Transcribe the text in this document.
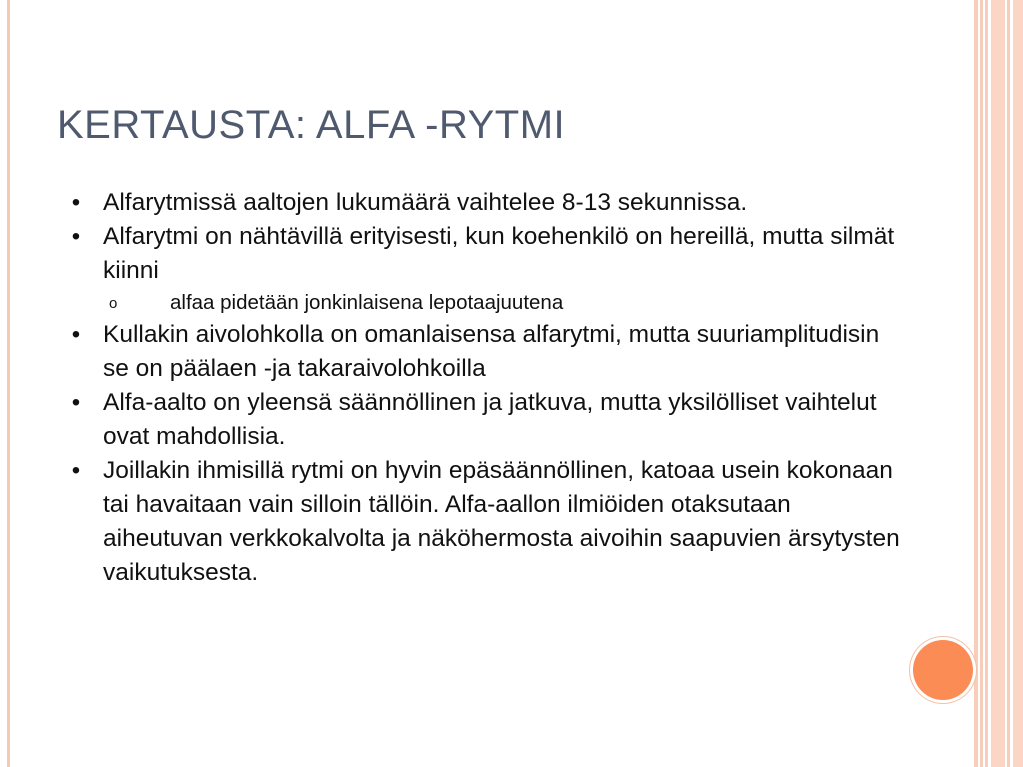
KERTAUSTA: ALFA -RYTMI
• Alfarytmissä aaltojen lukumäärä vaihtelee 8-13 sekunnissa.
• Alfarytmi on nähtävillä erityisesti, kun koehenkilö on hereillä, mutta silmät kiinni
o	alfaa pidetään jonkinlaisena lepotaajuutena
• Kullakin aivolohkolla on omanlaisensa alfarytmi, mutta suuriamplitudisin se on päälaen -ja takaraivolohkoilla
• Alfa-aalto on yleensä säännöllinen ja jatkuva, mutta yksilölliset vaihtelut ovat mahdollisia.
• Joillakin ihmisillä rytmi on hyvin epäsäännöllinen, katoaa usein kokonaan tai havaitaan vain silloin tällöin. Alfa-aallon ilmiöiden otaksutaan aiheutuvan verkkokalvolta ja näköhermosta aivoihin saapuvien ärsytysten vaikutuksesta.
